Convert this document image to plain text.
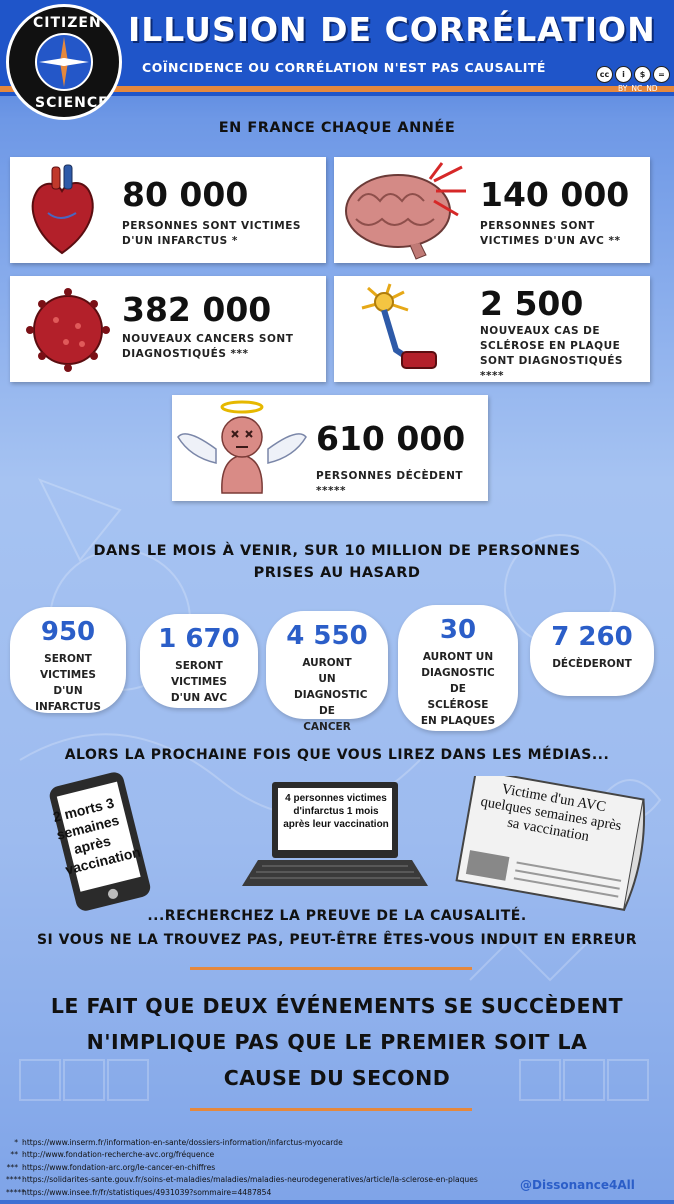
CITIZEN
SCIENCE
ILLUSION DE CORRÉLATION
COÏNCIDENCE OU CORRÉLATION N'EST PAS CAUSALITÉ	cc	i	$	=
BY NC ND
EN FRANCE CHAQUE ANNÉE
80 000
PERSONNES SONT VICTIMES D'UN INFARCTUS *
140 000
PERSONNES SONT VICTIMES D'UN AVC **
382 000
NOUVEAUX CANCERS SONT DIAGNOSTIQUÉS ***
2 500
NOUVEAUX CAS DE SCLÉROSE EN PLAQUE SONT DIAGNOSTIQUÉS ****
610 000
PERSONNES DÉCÈDENT *****
DANS LE MOIS À VENIR, SUR 10 MILLION DE PERSONNES
PRISES AU HASARD
950
SERONT VICTIMES D'UN INFARCTUS
1 670
SERONT VICTIMES D'UN AVC
4 550
AURONT UN DIAGNOSTIC DE CANCER
30
AURONT UN DIAGNOSTIC DE SCLÉROSE EN PLAQUES
7 260
DÉCÈDERONT
ALORS LA PROCHAINE FOIS QUE VOUS LIREZ DANS LES MÉDIAS...
2 morts 3 semaines après vaccination
4 personnes victimes d'infarctus 1 mois après leur vaccination
Victime d'un AVC quelques semaines après sa vaccination
...RECHERCHEZ LA PREUVE DE LA CAUSALITÉ.
SI VOUS NE LA TROUVEZ PAS, PEUT-ÊTRE ÊTES-VOUS INDUIT EN ERREUR
LE FAIT QUE DEUX ÉVÉNEMENTS SE SUCCÈDENT
N'IMPLIQUE PAS QUE LE PREMIER SOIT LA
CAUSE DU SECOND
* https://www.inserm.fr/information-en-sante/dossiers-information/infarctus-myocarde
** http://www.fondation-recherche-avc.org/fréquence
*** https://www.fondation-arc.org/le-cancer-en-chiffres
****https://solidarites-sante.gouv.fr/soins-et-maladies/maladies/maladies-neurodegeneratives/article/la-sclerose-en-plaques
*****https://www.insee.fr/fr/statistiques/4931039?sommaire=4487854
@Dissonance4All
